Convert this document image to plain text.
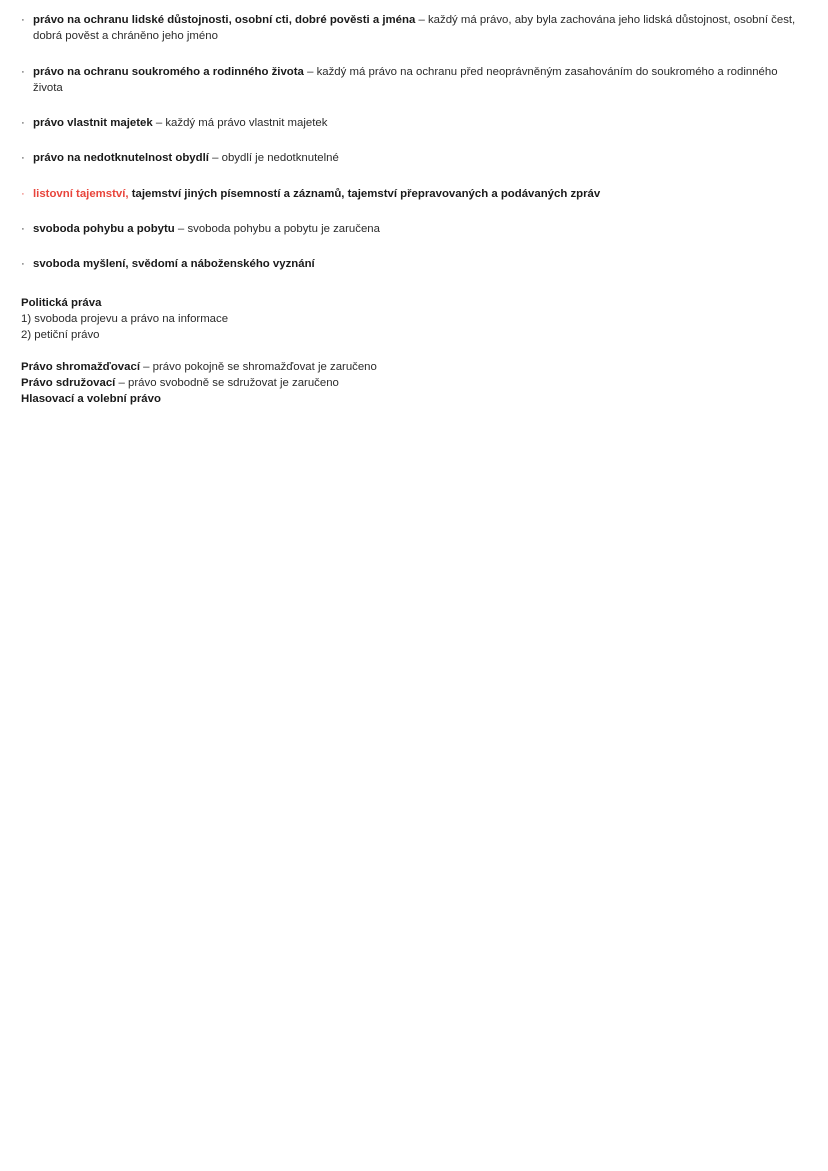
· právo na ochranu lidské důstojnosti, osobní cti, dobré pověsti a jména – každý má právo, aby byla zachována jeho lidská důstojnost, osobní čest, dobrá pověst a chráněno jeho jméno
· právo na ochranu soukromého a rodinného života – každý má právo na ochranu před neoprávněným zasahováním do soukromého a rodinného života
· právo vlastnit majetek – každý má právo vlastnit majetek
· právo na nedotknutelnost obydlí – obydlí je nedotknutelné
· listovní tajemství, tajemství jiných písemností a záznamů, tajemství přepravovaných a podávaných zpráv
· svoboda pohybu a pobytu – svoboda pohybu a pobytu je zaručena
· svoboda myšlení, svědomí a náboženského vyznání

Politická práva

1) svoboda projevu a právo na informace

2) petiční právo

Právo shromažďovací – právo pokojně se shromažďovat je zaručeno

Právo sdružovací – právo svobodně se sdružovat je zaručeno

Hlasovací a volební právo
